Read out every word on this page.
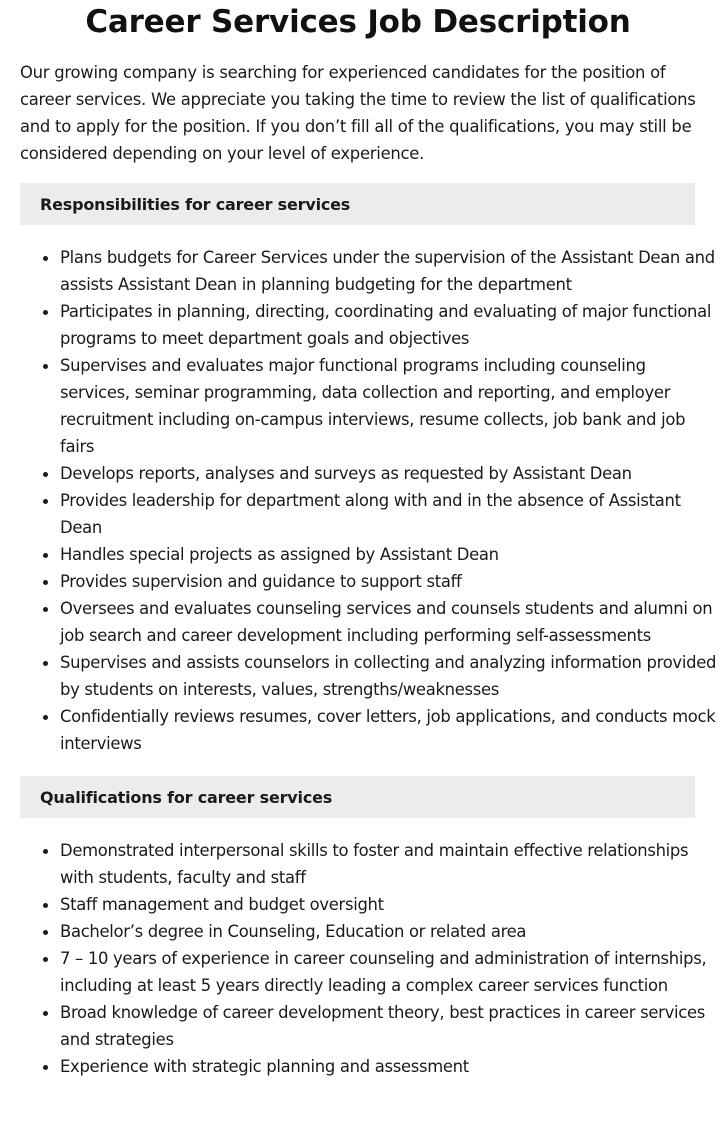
Career Services Job Description

Our growing company is searching for experienced candidates for the position of career services. We appreciate you taking the time to review the list of qualifications and to apply for the position. If you don’t fill all of the qualifications, you may still be considered depending on your level of experience.

Responsibilities for career services
Plans budgets for Career Services under the supervision of the Assistant Dean and assists Assistant Dean in planning budgeting for the department
Participates in planning, directing, coordinating and evaluating of major functional programs to meet department goals and objectives
Supervises and evaluates major functional programs including counseling services, seminar programming, data collection and reporting, and employer recruitment including on-campus interviews, resume collects, job bank and job fairs
Develops reports, analyses and surveys as requested by Assistant Dean
Provides leadership for department along with and in the absence of Assistant Dean
Handles special projects as assigned by Assistant Dean
Provides supervision and guidance to support staff
Oversees and evaluates counseling services and counsels students and alumni on job search and career development including performing self-assessments
Supervises and assists counselors in collecting and analyzing information provided by students on interests, values, strengths/weaknesses
Confidentially reviews resumes, cover letters, job applications, and conducts mock interviews
Qualifications for career services
Demonstrated interpersonal skills to foster and maintain effective relationships with students, faculty and staff
Staff management and budget oversight
Bachelor’s degree in Counseling, Education or related area
7 – 10 years of experience in career counseling and administration of internships, including at least 5 years directly leading a complex career services function
Broad knowledge of career development theory, best practices in career services and strategies
Experience with strategic planning and assessment
